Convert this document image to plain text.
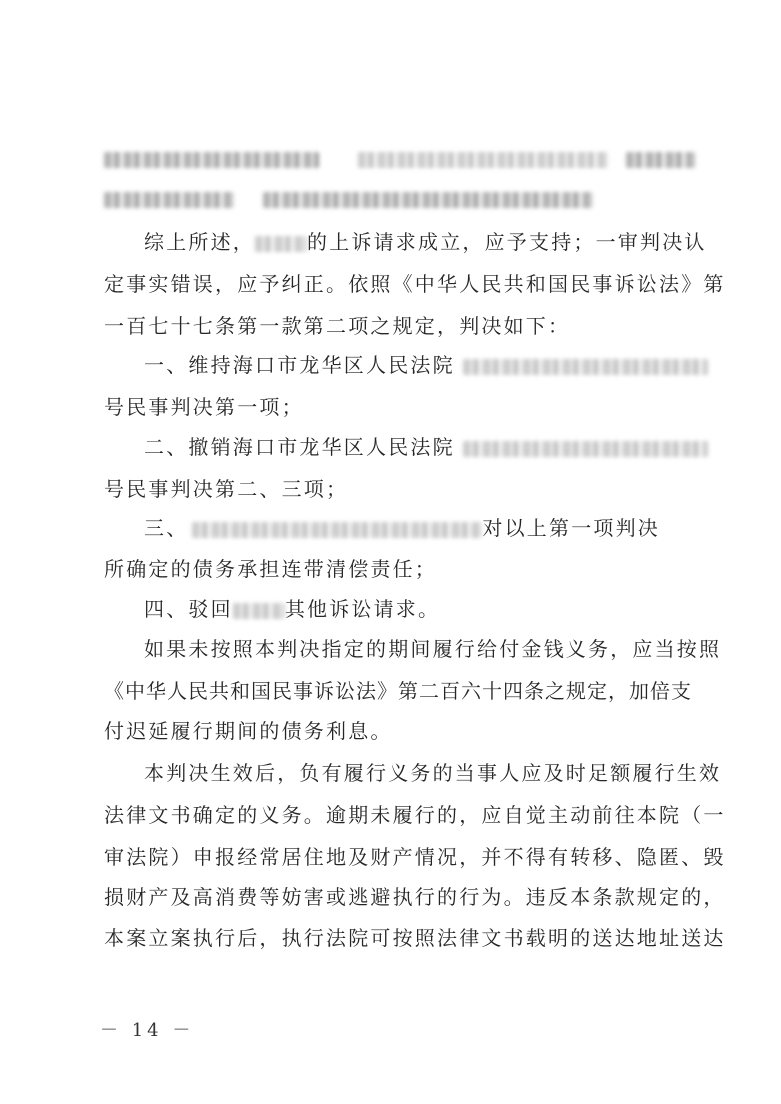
综上所述，	的上诉请求成立，应予支持；一审判决认
定事实错误，应予纠正。依照《中华人民共和国民事诉讼法》第
一百七十七条第一款第二项之规定，判决如下：
一、维持海口市龙华区人民法院
号民事判决第一项；
二、撤销海口市龙华区人民法院
号民事判决第二、三项；
三、	对以上第一项判决
所确定的债务承担连带清偿责任；
四、驳回	其他诉讼请求。
如果未按照本判决指定的期间履行给付金钱义务，应当按照
《中华人民共和国民事诉讼法》第二百六十四条之规定，加倍支
付迟延履行期间的债务利息。
本判决生效后，负有履行义务的当事人应及时足额履行生效
法律文书确定的义务。逾期未履行的，应自觉主动前往本院（一
审法院）申报经常居住地及财产情况，并不得有转移、隐匿、毁
损财产及高消费等妨害或逃避执行的行为。违反本条款规定的，
本案立案执行后，执行法院可按照法律文书载明的送达地址送达
－ 14 －
